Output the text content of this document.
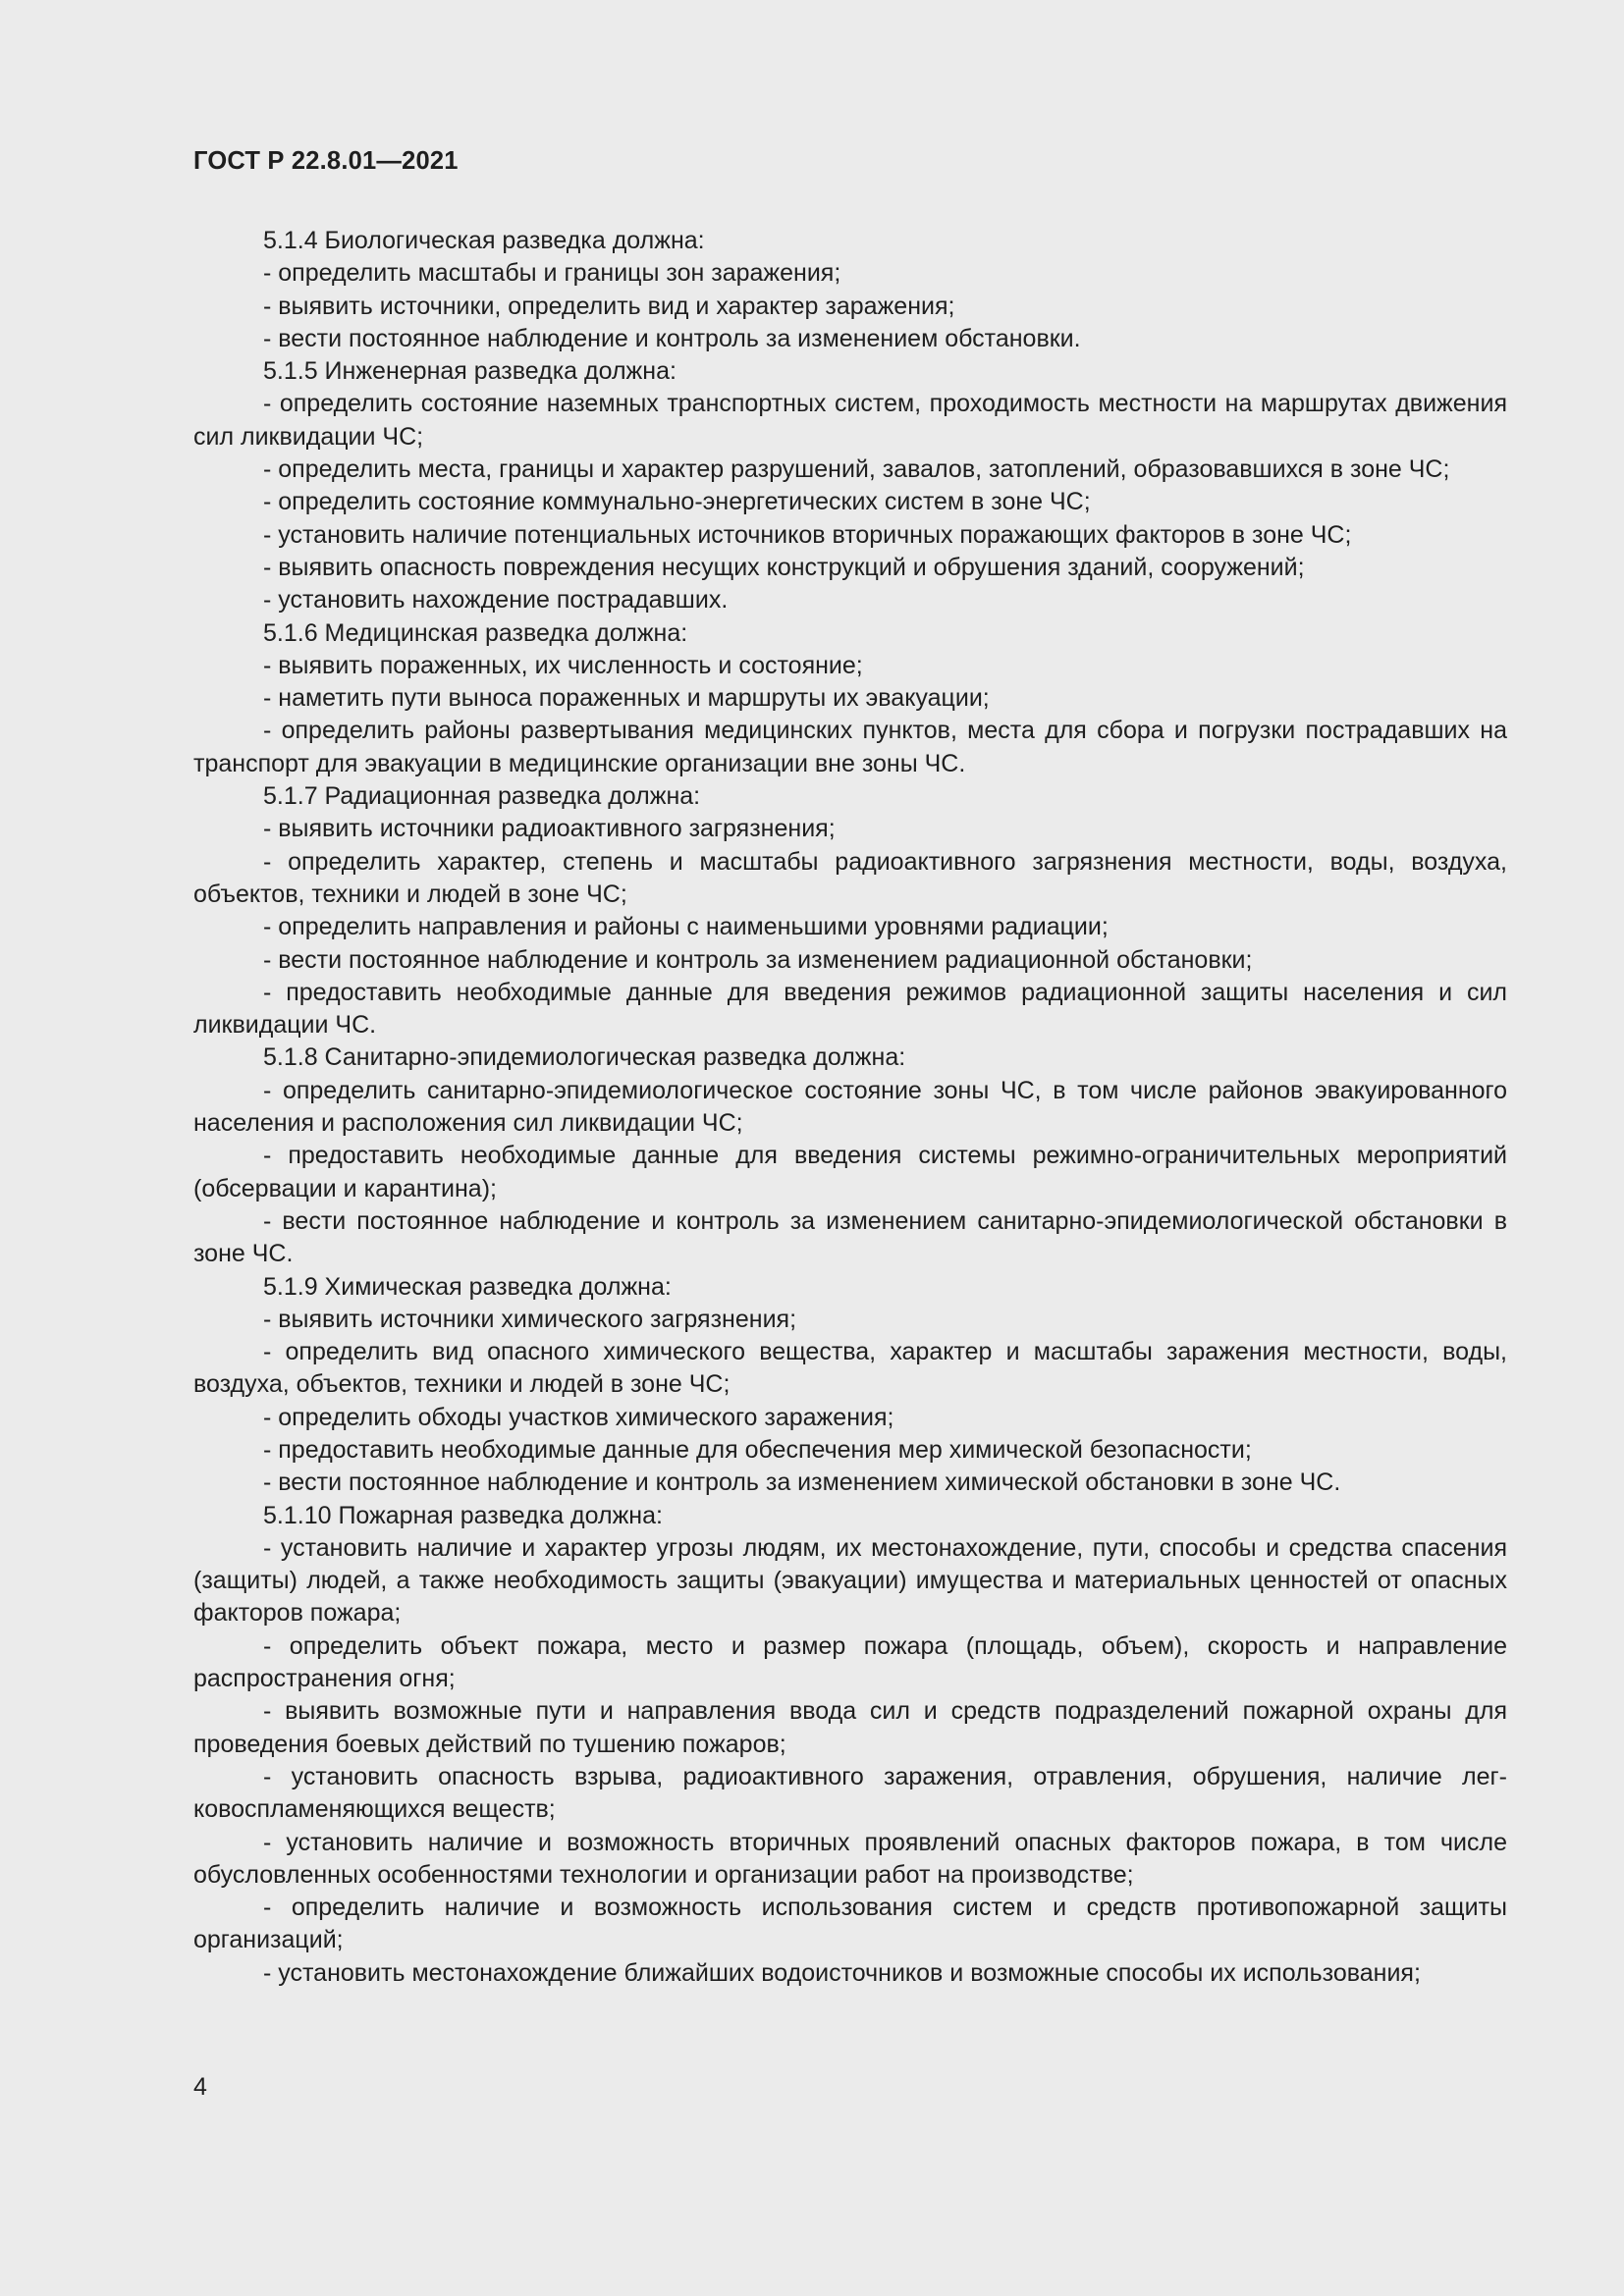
ГОСТ Р 22.8.01—2021

5.1.4 Биологическая разведка должна:

- определить масштабы и границы зон заражения;

- выявить источники, определить вид и характер заражения;

- вести постоянное наблюдение и контроль за изменением обстановки.

5.1.5 Инженерная разведка должна:

- определить состояние наземных транспортных систем, проходимость местности на маршрутах движения сил ликвидации ЧС;

- определить места, границы и характер разрушений, завалов, затоплений, образовавшихся в зоне ЧС;

- определить состояние коммунально-энергетических систем в зоне ЧС;

- установить наличие потенциальных источников вторичных поражающих факторов в зоне ЧС;

- выявить опасность повреждения несущих конструкций и обрушения зданий, сооружений;

- установить нахождение пострадавших.

5.1.6 Медицинская разведка должна:

- выявить пораженных, их численность и состояние;

- наметить пути выноса пораженных и маршруты их эвакуации;

- определить районы развертывания медицинских пунктов, места для сбора и погрузки пострадавших на транспорт для эвакуации в медицинские организации вне зоны ЧС.

5.1.7 Радиационная разведка должна:

- выявить источники радиоактивного загрязнения;

- определить характер, степень и масштабы радиоактивного загрязнения местности, воды, воздуха, объектов, техники и людей в зоне ЧС;

- определить направления и районы с наименьшими уровнями радиации;

- вести постоянное наблюдение и контроль за изменением радиационной обстановки;

- предоставить необходимые данные для введения режимов радиационной защиты населения и сил ликвидации ЧС.

5.1.8 Санитарно-эпидемиологическая разведка должна:

- определить санитарно-эпидемиологическое состояние зоны ЧС, в том числе районов эвакуированного населения и расположения сил ликвидации ЧС;

- предоставить необходимые данные для введения системы режимно-ограничительных мероприятий (обсервации и карантина);

- вести постоянное наблюдение и контроль за изменением санитарно-эпидемиологической обстановки в зоне ЧС.

5.1.9 Химическая разведка должна:

- выявить источники химического загрязнения;

- определить вид опасного химического вещества, характер и масштабы заражения местности, воды, воздуха, объектов, техники и людей в зоне ЧС;

- определить обходы участков химического заражения;

- предоставить необходимые данные для обеспечения мер химической безопасности;

- вести постоянное наблюдение и контроль за изменением химической обстановки в зоне ЧС.

5.1.10 Пожарная разведка должна:

- установить наличие и характер угрозы людям, их местонахождение, пути, способы и средства спасения (защиты) людей, а также необходимость защиты (эвакуации) имущества и материальных ценностей от опасных факторов пожара;

- определить объект пожара, место и размер пожара (площадь, объем), скорость и направление распространения огня;

- выявить возможные пути и направления ввода сил и средств подразделений пожарной охраны для проведения боевых действий по тушению пожаров;

- установить опасность взрыва, радиоактивного заражения, отравления, обрушения, наличие легковоспламеняющихся веществ;

- установить наличие и возможность вторичных проявлений опасных факторов пожара, в том числе обусловленных особенностями технологии и организации работ на производстве;

- определить наличие и возможность использования систем и средств противопожарной защиты организаций;

- установить местонахождение ближайших водоисточников и возможные способы их использования;

4
